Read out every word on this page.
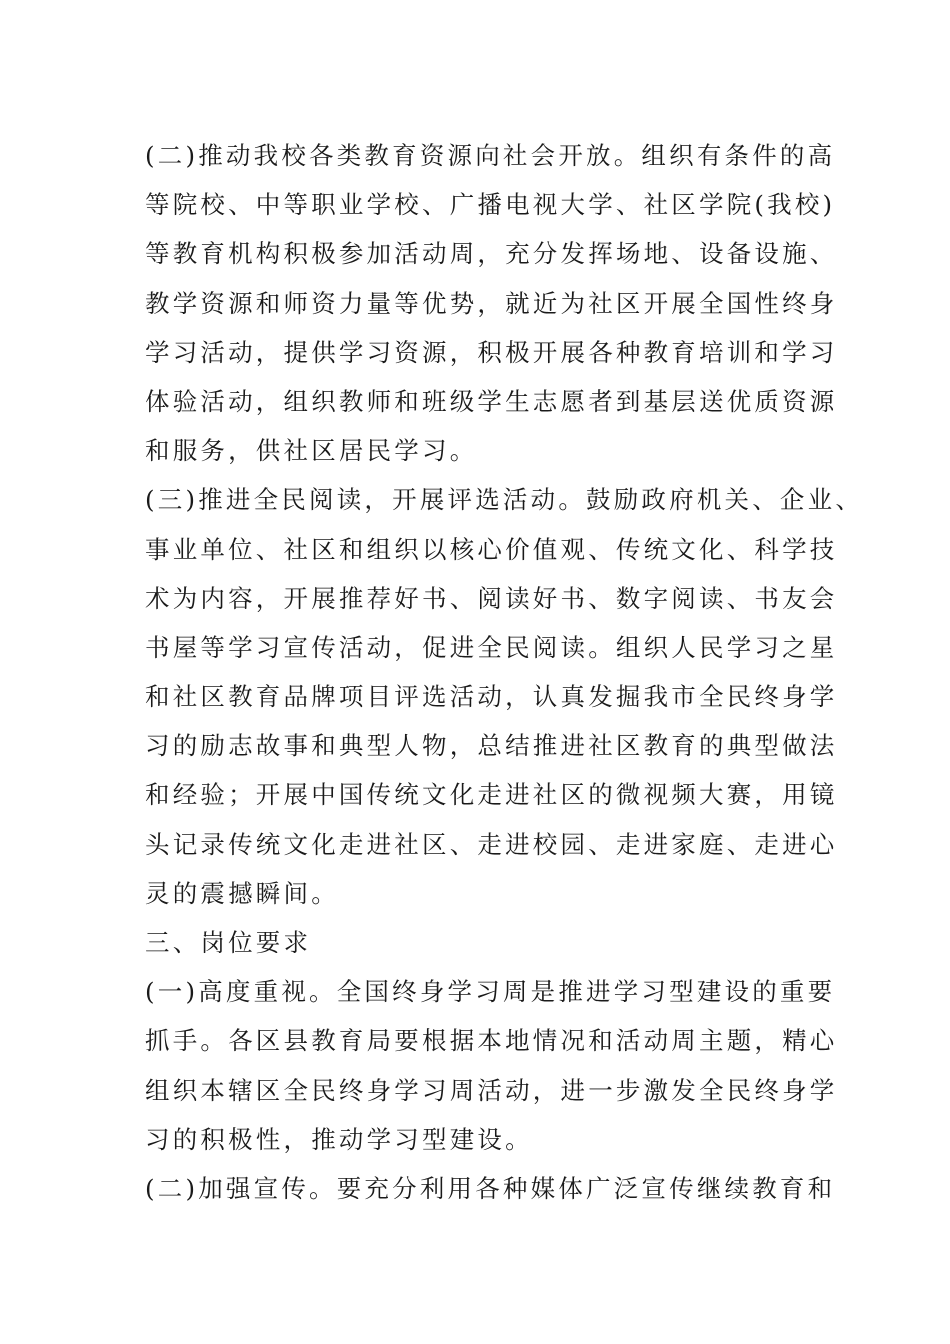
(二)推动我校各类教育资源向社会开放。组织有条件的高
等院校、中等职业学校、广播电视大学、社区学院(我校)
等教育机构积极参加活动周，充分发挥场地、设备设施、
教学资源和师资力量等优势，就近为社区开展全国性终身
学习活动，提供学习资源，积极开展各种教育培训和学习
体验活动，组织教师和班级学生志愿者到基层送优质资源
和服务，供社区居民学习。
(三)推进全民阅读，开展评选活动。鼓励政府机关、企业、
事业单位、社区和组织以核心价值观、传统文化、科学技
术为内容，开展推荐好书、阅读好书、数字阅读、书友会
书屋等学习宣传活动，促进全民阅读。组织人民学习之星
和社区教育品牌项目评选活动，认真发掘我市全民终身学
习的励志故事和典型人物，总结推进社区教育的典型做法
和经验；开展中国传统文化走进社区的微视频大赛，用镜
头记录传统文化走进社区、走进校园、走进家庭、走进心
灵的震撼瞬间。
三、岗位要求
(一)高度重视。全国终身学习周是推进学习型建设的重要
抓手。各区县教育局要根据本地情况和活动周主题，精心
组织本辖区全民终身学习周活动，进一步激发全民终身学
习的积极性，推动学习型建设。
(二)加强宣传。要充分利用各种媒体广泛宣传继续教育和
